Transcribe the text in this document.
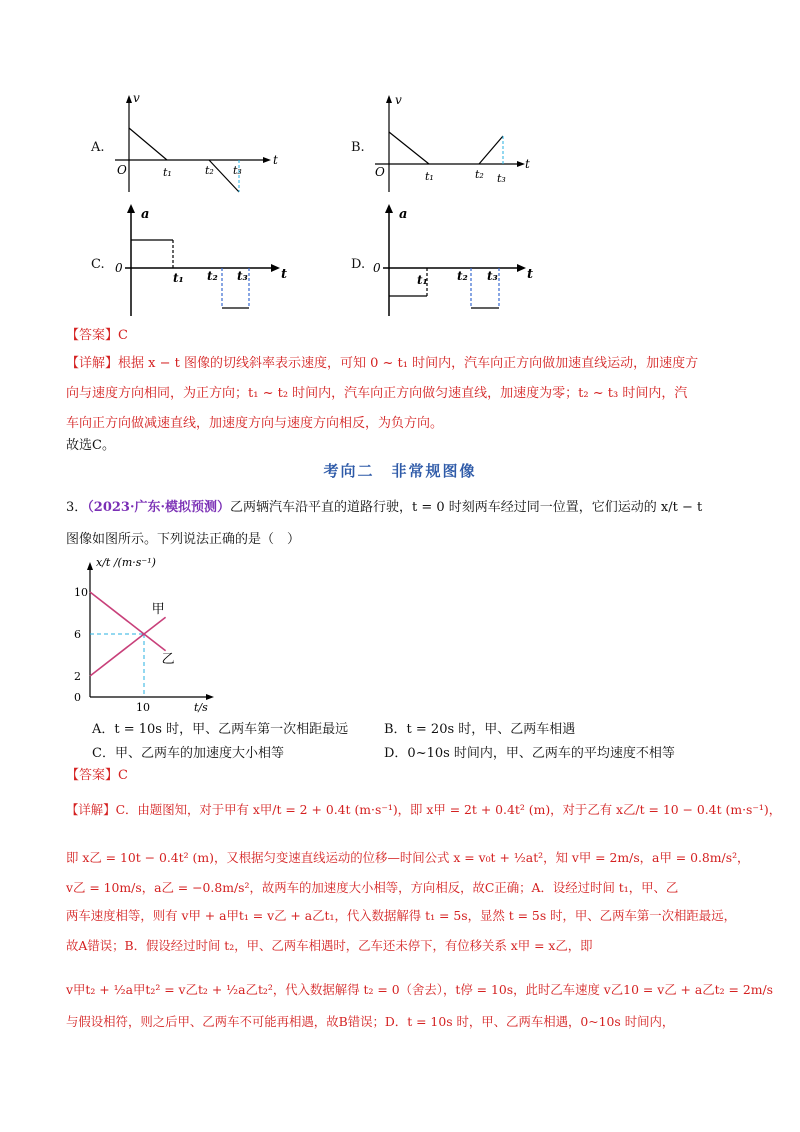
A.
v
t
O	t₁	t₂ t₃
B.
v
t
O	t₁	t₂ t₃
C.
a
t
0
t₁ t₂ t₃
D.
a
t
0
t₁ t₂ t₃
【答案】C
【详解】根据 x − t 图像的切线斜率表示速度，可知 0 ~ t₁ 时间内，汽车向正方向做加速直线运动，加速度方
向与速度方向相同，为正方向；t₁ ~ t₂ 时间内，汽车向正方向做匀速直线，加速度为零；t₂ ~ t₃ 时间内，汽
车向正方向做减速直线，加速度方向与速度方向相反，为负方向。
故选C。
考向二　非常规图像
3．（2023·广东·模拟预测）乙两辆汽车沿平直的道路行驶，t = 0 时刻两车经过同一位置，它们运动的 x/t − t
图像如图所示。下列说法正确的是（　）
x/t /(m·s⁻¹)
t/s
10
6
2
0
10
甲
乙
A．t = 10s 时，甲、乙两车第一次相距最远	B．t = 20s 时，甲、乙两车相遇
C．甲、乙两车的加速度大小相等	D．0~10s 时间内，甲、乙两车的平均速度不相等
【答案】C
【详解】C．由题图知，对于甲有 x甲/t = 2 + 0.4t (m·s⁻¹)，即 x甲 = 2t + 0.4t² (m)，对于乙有 x乙/t = 10 − 0.4t (m·s⁻¹)，
即 x乙 = 10t − 0.4t² (m)，又根据匀变速直线运动的位移—时间公式 x = v₀t + ½at²，知 v甲 = 2m/s，a甲 = 0.8m/s²，
v乙 = 10m/s，a乙 = −0.8m/s²，故两车的加速度大小相等，方向相反，故C正确；A．设经过时间 t₁，甲、乙
两车速度相等，则有 v甲 + a甲t₁ = v乙 + a乙t₁，代入数据解得 t₁ = 5s，显然 t = 5s 时，甲、乙两车第一次相距最远，
故A错误；B．假设经过时间 t₂，甲、乙两车相遇时，乙车还未停下，有位移关系 x甲 = x乙，即
v甲t₂ + ½a甲t₂² = v乙t₂ + ½a乙t₂²，代入数据解得 t₂ = 0（舍去），t停 = 10s，此时乙车速度 v乙10 = v乙 + a乙t₂ = 2m/s
与假设相符，则之后甲、乙两车不可能再相遇，故B错误；D．t = 10s 时，甲、乙两车相遇，0~10s 时间内，
